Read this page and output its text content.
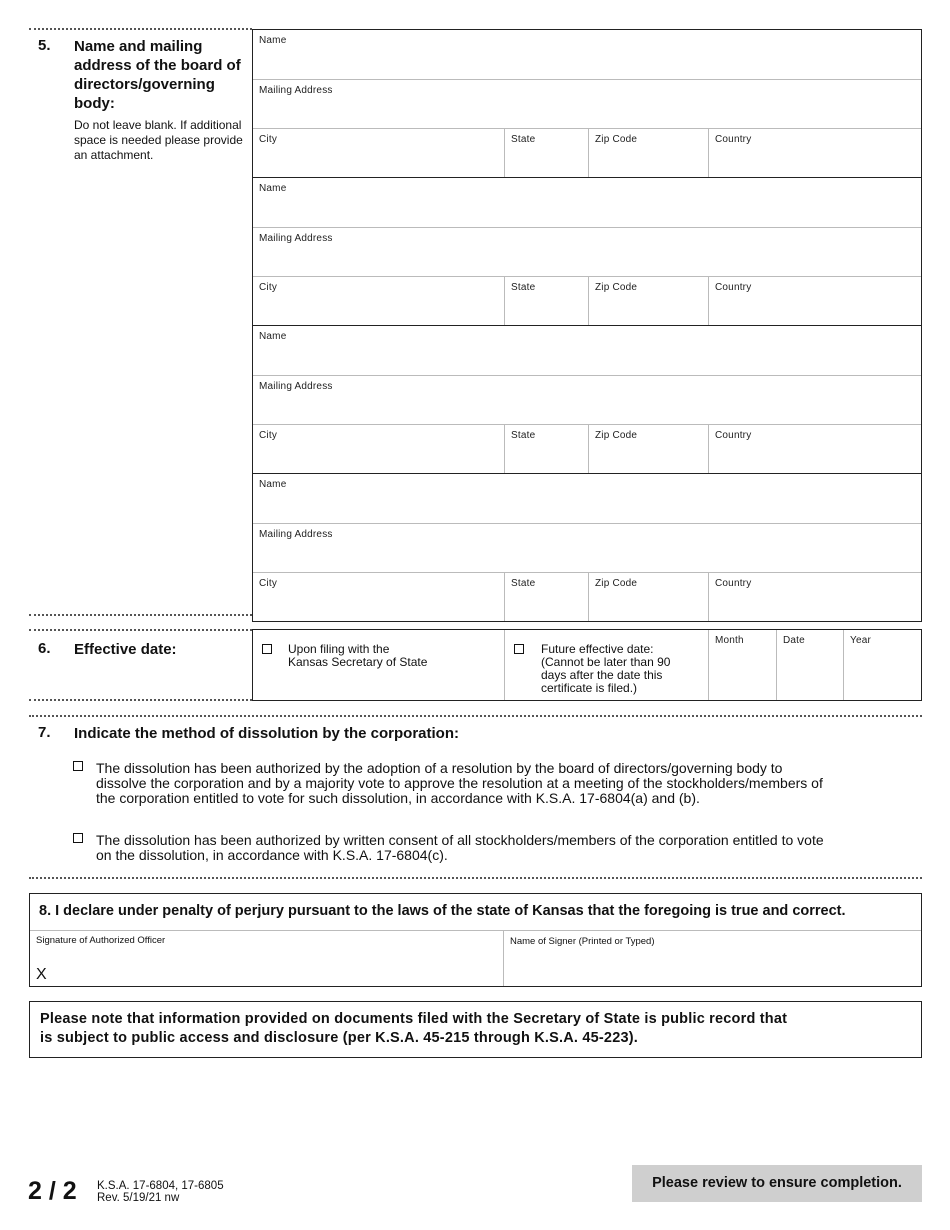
5. Name and mailing address of the board of directors/governing body:
Do not leave blank. If additional space is needed please provide an attachment.
Name
Mailing Address
City	State	Zip Code	Country
Name
Mailing Address
City	State	Zip Code	Country
Name
Mailing Address
City	State	Zip Code	Country
Name
Mailing Address
City	State	Zip Code	Country
6. Effective date:	Upon filing with the
Kansas Secretary of State
Future effective date:
(Cannot be later than 90
days after the date this
certificate is filed.)
Month	Date	Year
7. Indicate the method of dissolution by the corporation:
The dissolution has been authorized by the adoption of a resolution by the board of directors/governing body to
dissolve the corporation and by a majority vote to approve the resolution at a meeting of the stockholders/members of
the corporation entitled to vote for such dissolution, in accordance with K.S.A. 17-6804(a) and (b).
The dissolution has been authorized by written consent of all stockholders/members of the corporation entitled to vote
on the dissolution, in accordance with K.S.A. 17-6804(c).
8. I declare under penalty of perjury pursuant to the laws of the state of Kansas that the foregoing is true and correct.
Signature of Authorized Officer
X
Name of Signer (Printed or Typed)
Please note that information provided on documents filed with the Secretary of State is public record that
is subject to public access and disclosure (per K.S.A. 45-215 through K.S.A. 45-223).
2 / 2 K.S.A. 17-6804, 17-6805
Rev. 5/19/21 nw
Please review to ensure completion.
